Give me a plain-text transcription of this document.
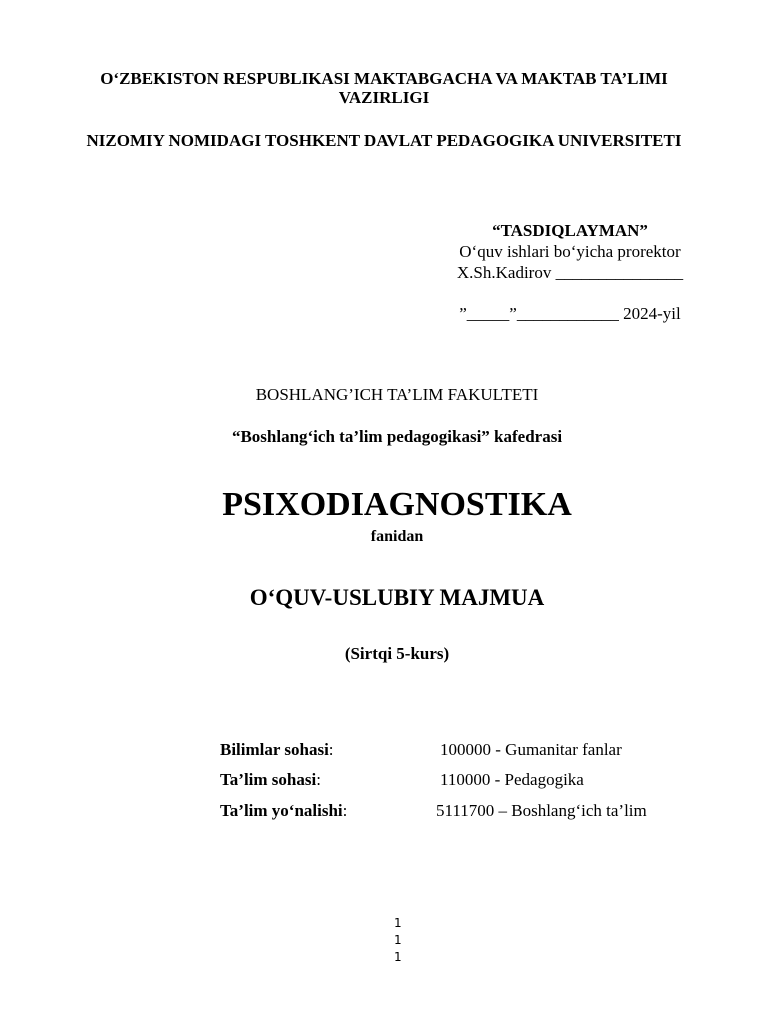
O‘ZBEKISTON RESPUBLIKASI MAKTABGACHA VA MAKTAB TA’LIMI
VAZIRLIGI
NIZOMIY NOMIDAGI TOSHKENT DAVLAT PEDAGOGIKA UNIVERSITETI
“TASDIQLAYMAN”
O‘quv ishlari bo‘yicha prorektor
X.Sh.Kadirov _______________
”_____”____________ 2024-yil
BOSHLANG’ICH TA’LIM FAKULTETI
“Boshlang‘ich ta’lim pedagogikasi” kafedrasi
PSIXODIAGNOSTIKA
fanidan
O‘QUV-USLUBIY MAJMUA
(Sirtqi 5-kurs)
Bilimlar sohasi:	100000 - Gumanitar fanlar
Ta’lim sohasi:	110000 - Pedagogika
Ta’lim yo‘nalishi:	5111700 – Boshlang‘ich ta’lim
1
1
1
